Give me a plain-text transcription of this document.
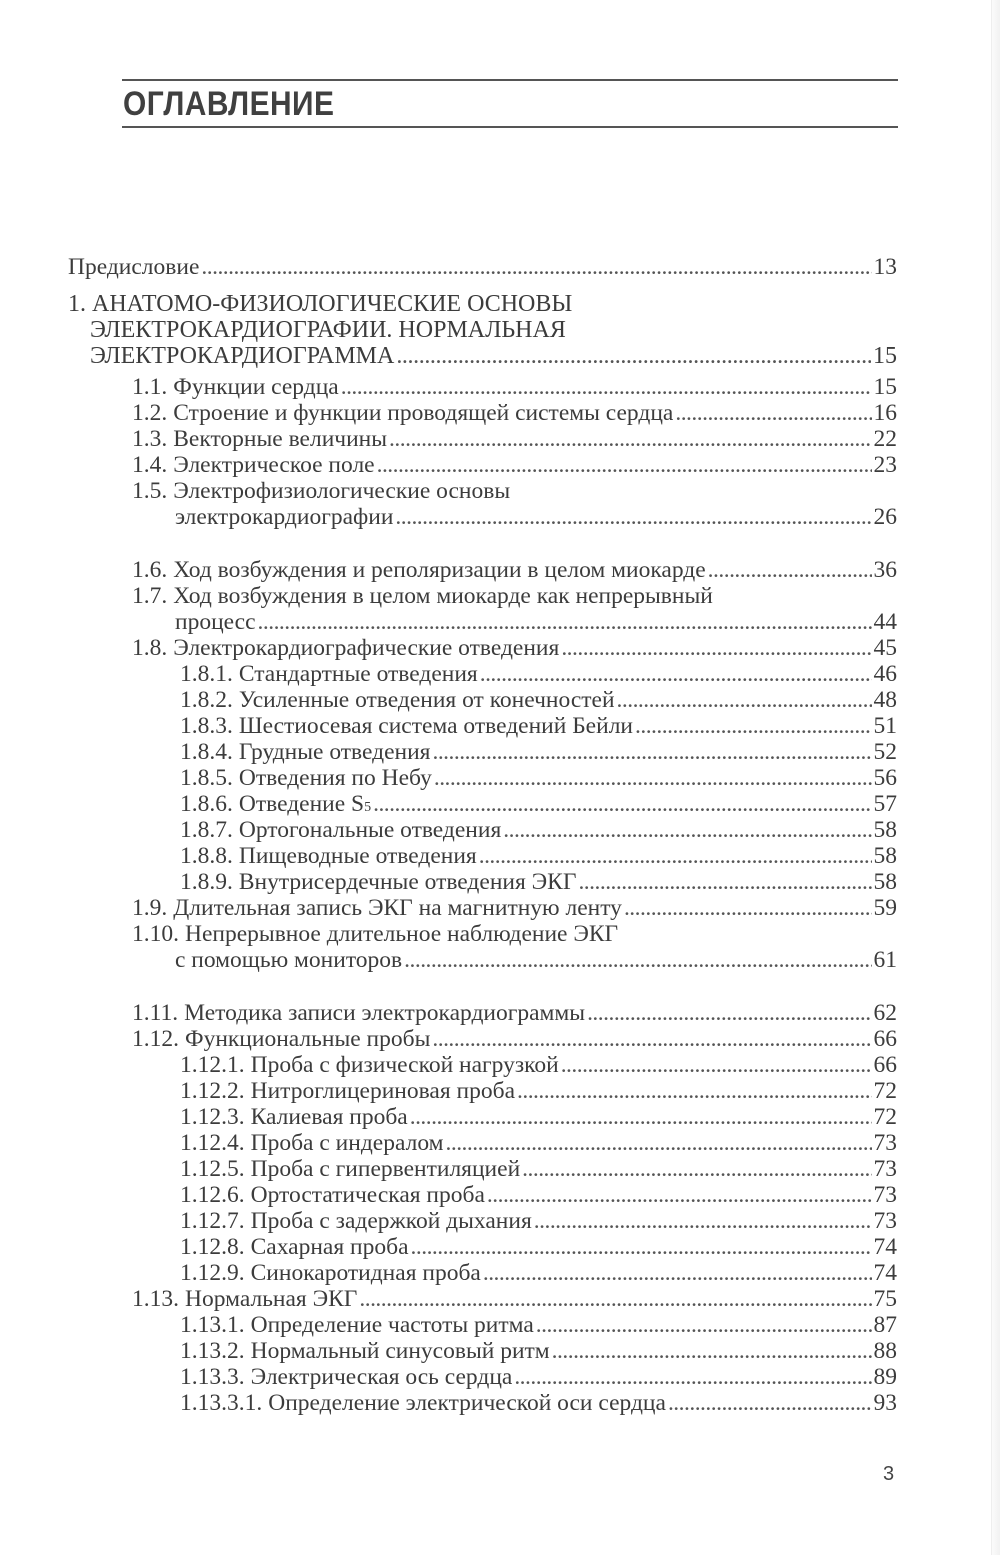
ОГЛАВЛЕНИЕ
Предисловие . . .	13
1. АНАТОМО-ФИЗИОЛОГИЧЕСКИЕ ОСНОВЫ
ЭЛЕКТРОКАРДИОГРАФИИ. НОРМАЛЬНАЯ
ЭЛЕКТРОКАРДИОГРАММА . . .	15
1.1. Функции сердца . . .	15
1.2. Строение и функции проводящей системы сердца . . .	16
1.3. Векторные величины . . .	22
1.4. Электрическое поле . . .	23
1.5. Электрофизиологические основы
электрокардиографии . . .	26
1.6. Ход возбуждения и реполяризации в целом миокарде . . .	36
1.7. Ход возбуждения в целом миокарде как непрерывный
процесс . . .	44
1.8. Электрокардиографические отведения . . .	45
1.8.1. Стандартные отведения . . .	46
1.8.2. Усиленные отведения от конечностей . . .	48
1.8.3. Шестиосевая система отведений Бейли . . .	51
1.8.4. Грудные отведения . . .	52
1.8.5. Отведения по Небу . . .	56
1.8.6. Отведение S 5 . . .	57
1.8.7. Ортогональные отведения . . .	58
1.8.8. Пищеводные отведения . . .	58
1.8.9. Внутрисердечные отведения ЭКГ . . .	58
1.9. Длительная запись ЭКГ на магнитную ленту . . .	59
1.10. Непрерывное длительное наблюдение ЭКГ
с помощью мониторов . . .	61
1.11. Методика записи электрокардиограммы . . .	62
1.12. Функциональные пробы . . .	66
1.12.1. Проба с физической нагрузкой . . .	66
1.12.2. Нитроглицериновая проба . . .	72
1.12.3. Калиевая проба . . .	72
1.12.4. Проба с индералом . . .	73
1.12.5. Проба с гипервентиляцией . . .	73
1.12.6. Ортостатическая проба . . .	73
1.12.7. Проба с задержкой дыхания . . .	73
1.12.8. Сахарная проба . . .	74
1.12.9. Синокаротидная проба . . .	74
1.13. Нормальная ЭКГ . . .	75
1.13.1. Определение частоты ритма . . .	87
1.13.2. Нормальный синусовый ритм . . .	88
1.13.3. Электрическая ось сердца . . .	89
1.13.3.1. Определение электрической оси сердца . . .	93
3
